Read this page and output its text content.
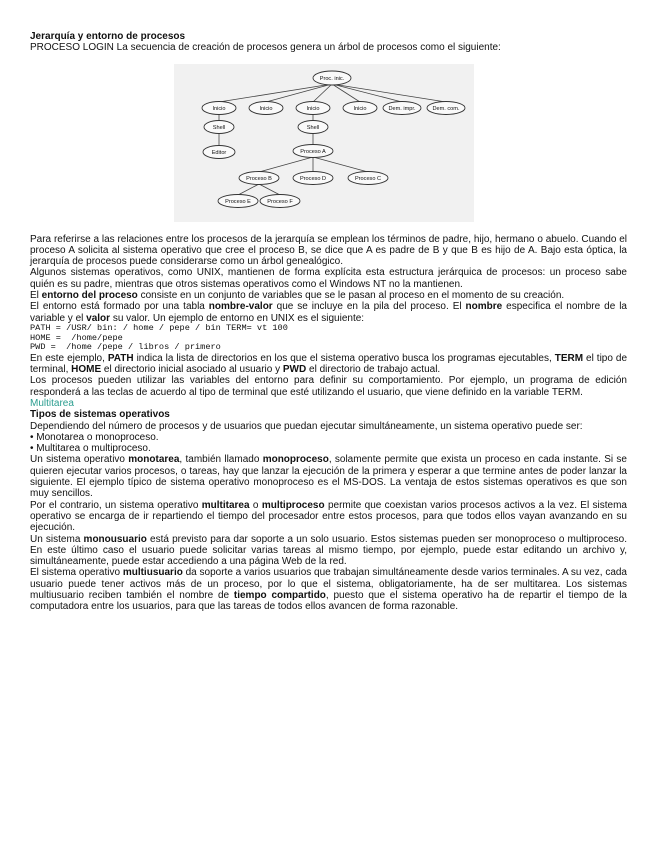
Jerarquía y entorno de procesos

PROCESO LOGIN La secuencia de creación de procesos genera un árbol de procesos como el siguiente:

Proc. inic.
Inicio	Inicio	Inicio	Inicio	Dem. impr.	Dem. com.
Shell	Shell
Editor	Proceso A
Proceso B	Proceso D	Proceso C
Proceso E	Proceso F

Para referirse a las relaciones entre los procesos de la jerarquía se emplean los términos de padre, hijo, hermano o abuelo. Cuando el proceso A solicita al sistema operativo que cree el proceso B, se dice que A es padre de B y que B es hijo de A. Bajo esta óptica, la jerarquía de procesos puede considerarse como un árbol genealógico.

Algunos sistemas operativos, como UNIX, mantienen de forma explícita esta estructura jerárquica de procesos: un proceso sabe quién es su padre, mientras que otros sistemas operativos como el Windows NT no la mantienen.

El entorno del proceso consiste en un conjunto de variables que se le pasan al proceso en el momento de su creación.

El entorno está formado por una tabla nombre-valor que se incluye en la pila del proceso. El nombre especifica el nombre de la variable y el valor su valor. Un ejemplo de entorno en UNIX es el siguiente:

PATH = /USR/ bin: / home / pepe / bin TERM= vt 100
HOME =  /home/pepe
PWD =  /home /pepe / libros / primero

En este ejemplo, PATH indica la lista de directorios en los que el sistema operativo busca los programas ejecutables, TERM el tipo de terminal, HOME el directorio inicial asociado al usuario y PWD el directorio de trabajo actual.

Los procesos pueden utilizar las variables del entorno para definir su comportamiento. Por ejemplo, un programa de edición responderá a las teclas de acuerdo al tipo de terminal que esté utilizando el usuario, que viene definido en la variable TERM.

Multitarea

Tipos de sistemas operativos

Dependiendo del número de procesos y de usuarios que puedan ejecutar simultáneamente, un sistema operativo puede ser:

• Monotarea o monoproceso.

• Multitarea o multiproceso.

Un sistema operativo monotarea, también llamado monoproceso, solamente permite que exista un proceso en cada instante. Si se quieren ejecutar varios procesos, o tareas, hay que lanzar la ejecución de la primera y esperar a que termine antes de poder lanzar la siguiente. El ejemplo típico de sistema operativo monoproceso es el MS-DOS. La ventaja de estos sistemas operativos es que son muy sencillos.

Por el contrario, un sistema operativo multitarea o multiproceso permite que coexistan varios procesos activos a la vez. El sistema operativo se encarga de ir repartiendo el tiempo del procesador entre estos procesos, para que todos ellos vayan avanzando en su ejecución.

Un sistema monousuario está previsto para dar soporte a un solo usuario. Estos sistemas pueden ser monoproceso o multiproceso. En este último caso el usuario puede solicitar varias tareas al mismo tiempo, por ejemplo, puede estar editando un archivo y, simultáneamente, puede estar accediendo a una página Web de la red.

El sistema operativo multiusuario da soporte a varios usuarios que trabajan simultáneamente desde varios terminales. A su vez, cada usuario puede tener activos más de un proceso, por lo que el sistema, obligatoriamente, ha de ser multitarea. Los sistemas multiusuario reciben también el nombre de tiempo compartido, puesto que el sistema operativo ha de repartir el tiempo de la computadora entre los usuarios, para que las tareas de todos ellos avancen de forma razonable.
